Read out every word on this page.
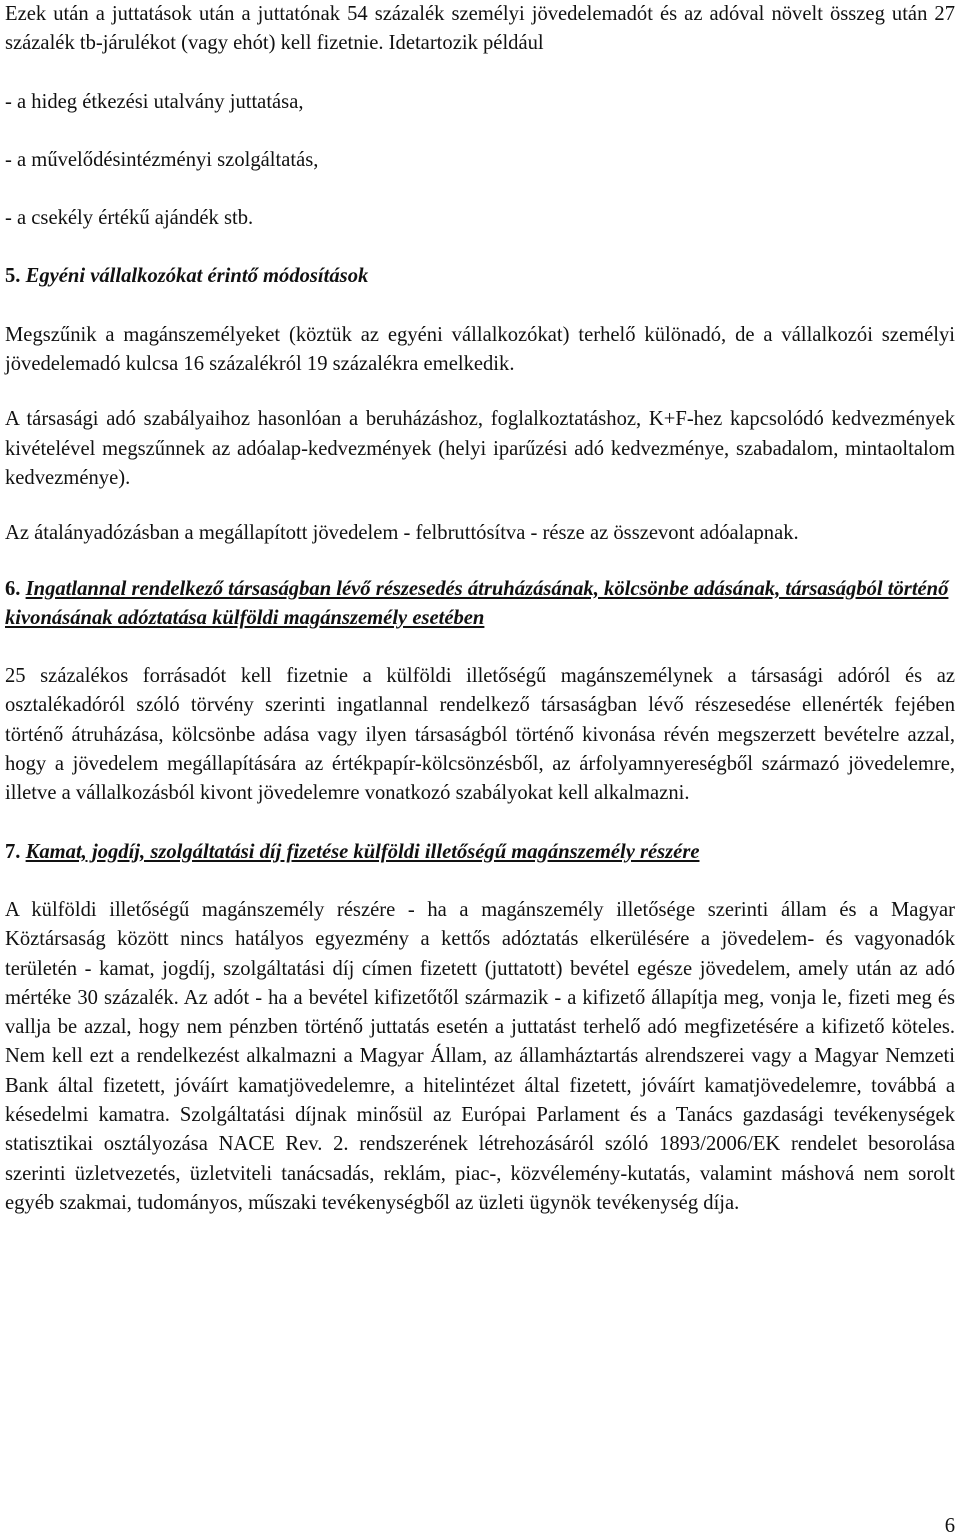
Ezek után a juttatások után a juttatónak 54 százalék személyi jövedelemadót és az adóval növelt összeg után 27 százalék tb-járulékot (vagy ehót) kell fizetnie. Idetartozik például

- a hideg étkezési utalvány juttatása,

- a művelődésintézményi szolgáltatás,

- a csekély értékű ajándék stb.

5. Egyéni vállalkozókat érintő módosítások

Megszűnik a magánszemélyeket (köztük az egyéni vállalkozókat) terhelő különadó, de a vállalkozói személyi jövedelemadó kulcsa 16 százalékról 19 százalékra emelkedik.

A társasági adó szabályaihoz hasonlóan a beruházáshoz, foglalkoztatáshoz, K+F-hez kapcsolódó kedvezmények kivételével megszűnnek az adóalap-kedvezmények (helyi iparűzési adó kedvezménye, szabadalom, mintaoltalom kedvezménye).

Az átalányadózásban a megállapított jövedelem - felbruttósítva - része az összevont adóalapnak.

6. Ingatlannal rendelkező társaságban lévő részesedés átruházásának, kölcsönbe adásának, társaságból történő kivonásának adóztatása külföldi magánszemély esetében

25 százalékos forrásadót kell fizetnie a külföldi illetőségű magánszemélynek a társasági adóról és az osztalékadóról szóló törvény szerinti ingatlannal rendelkező társaságban lévő részesedése ellenérték fejében történő átruházása, kölcsönbe adása vagy ilyen társaságból történő kivonása révén megszerzett bevételre azzal, hogy a jövedelem megállapítására az értékpapír-kölcsönzésből, az árfolyamnyereségből származó jövedelemre, illetve a vállalkozásból kivont jövedelemre vonatkozó szabályokat kell alkalmazni.

7. Kamat, jogdíj, szolgáltatási díj fizetése külföldi illetőségű magánszemély részére

A külföldi illetőségű magánszemély részére - ha a magánszemély illetősége szerinti állam és a Magyar Köztársaság között nincs hatályos egyezmény a kettős adóztatás elkerülésére a jövedelem- és vagyonadók területén - kamat, jogdíj, szolgáltatási díj címen fizetett (juttatott) bevétel egésze jövedelem, amely után az adó mértéke 30 százalék. Az adót - ha a bevétel kifizetőtől származik - a kifizető állapítja meg, vonja le, fizeti meg és vallja be azzal, hogy nem pénzben történő juttatás esetén a juttatást terhelő adó megfizetésére a kifizető köteles. Nem kell ezt a rendelkezést alkalmazni a Magyar Állam, az államháztartás alrendszerei vagy a Magyar Nemzeti Bank által fizetett, jóváírt kamatjövedelemre, a hitelintézet által fizetett, jóváírt kamatjövedelemre, továbbá a késedelmi kamatra. Szolgáltatási díjnak minősül az Európai Parlament és a Tanács gazdasági tevékenységek statisztikai osztályozása NACE Rev. 2. rendszerének létrehozásáról szóló 1893/2006/EK rendelet besorolása szerinti üzletvezetés, üzletviteli tanácsadás, reklám, piac-, közvélemény-kutatás, valamint máshová nem sorolt egyéb szakmai, tudományos, műszaki tevékenységből az üzleti ügynök tevékenység díja.

6
